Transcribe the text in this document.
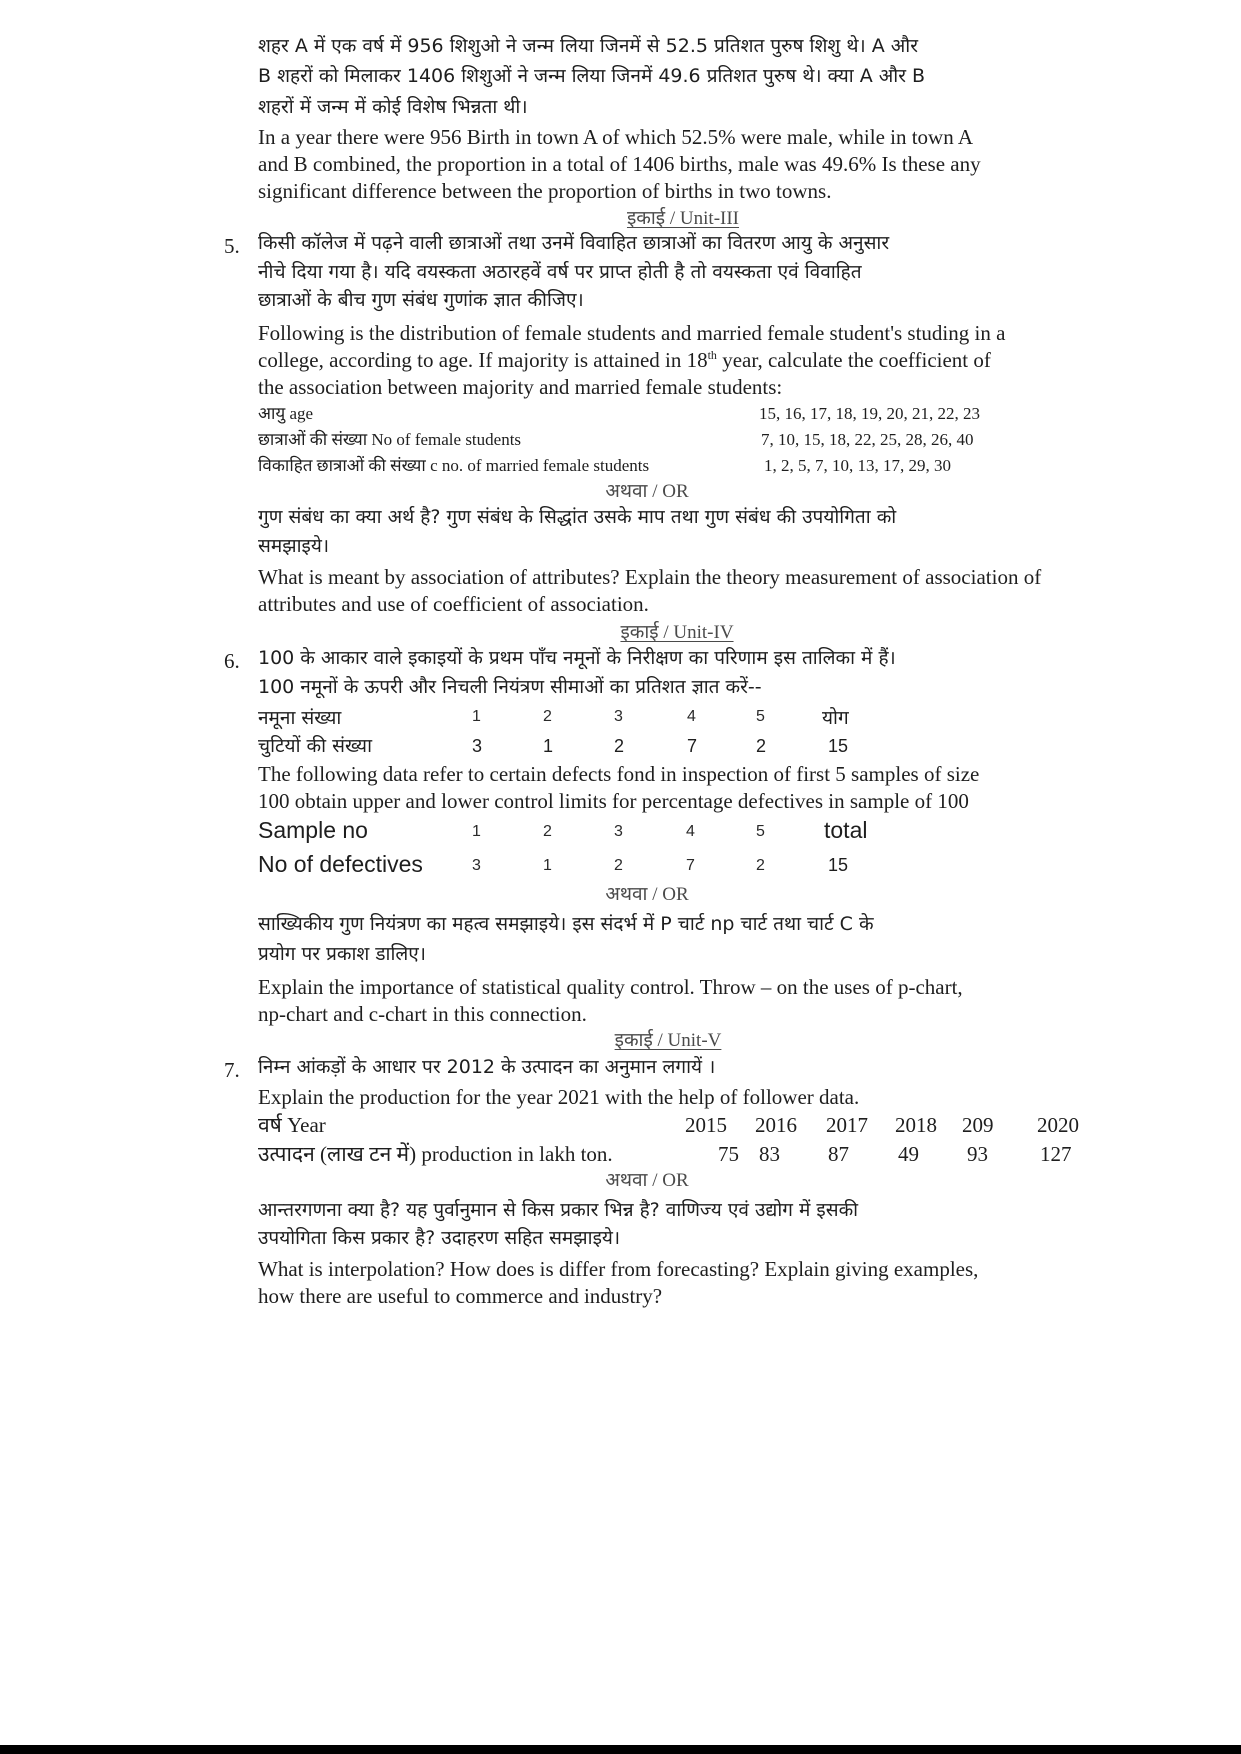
शहर A में एक वर्ष में 956 शिशुओ ने जन्म लिया जिनमें से 52.5 प्रतिशत पुरुष शिशु थे। A और
B शहरों को मिलाकर 1406 शिशुओं ने जन्म लिया जिनमें 49.6 प्रतिशत पुरुष थे। क्या A और B
शहरों में जन्म में कोई विशेष भिन्नता थी।
In a year there were 956 Birth in town A of which 52.5% were male, while in town A
and B combined, the proportion in a total of 1406 births, male was 49.6% Is these any
significant difference between the proportion of births in two towns.
इकाई / Unit-III
5. किसी कॉलेज में पढ़ने वाली छात्राओं तथा उनमें विवाहित छात्राओं का वितरण आयु के अनुसार
नीचे दिया गया है। यदि वयस्कता अठारहवें वर्ष पर प्राप्त होती है तो वयस्कता एवं विवाहित
छात्राओं के बीच गुण संबंध गुणांक ज्ञात कीजिए।
Following is the distribution of female students and married female student's studing in a
college, according to age. If majority is attained in 18th year, calculate the coefficient of
the association between majority and married female students:
आयु age	15, 16, 17, 18, 19, 20, 21, 22, 23
छात्राओं की संख्या No of female students	7, 10, 15, 18, 22, 25, 28, 26, 40
विकाहित छात्राओं की संख्या c no. of married female students	1, 2, 5, 7, 10, 13, 17, 29, 30
अथवा / OR
गुण संबंध का क्या अर्थ है? गुण संबंध के सिद्धांत उसके माप तथा गुण संबंध की उपयोगिता को
समझाइये।
What is meant by association of attributes? Explain the theory measurement of association of
attributes and use of coefficient of association.
इकाई / Unit-IV
6. 100 के आकार वाले इकाइयों के प्रथम पाँच नमूनों के निरीक्षण का परिणाम इस तालिका में हैं।
100 नमूनों के ऊपरी और निचली नियंत्रण सीमाओं का प्रतिशत ज्ञात करें--
नमूना संख्या	1	2	3	4	5	योग
चुटियों की संख्या	3	1	2	7	2	15
The following data refer to certain defects fond in inspection of first 5 samples of size
100 obtain upper and lower control limits for percentage defectives in sample of 100
Sample no	1	2	3	4	5	total
No of defectives	3	1	2	7	2	15
अथवा / OR
साख्यिकीय गुण नियंत्रण का महत्व समझाइये। इस संदर्भ में P चार्ट np चार्ट तथा चार्ट C के
प्रयोग पर प्रकाश डालिए।
Explain the importance of statistical quality control. Throw – on the uses of p-chart,
np-chart and c-chart in this connection.
इकाई / Unit-V
7. निम्न आंकड़ों के आधार पर 2012 के उत्पादन का अनुमान लगायें ।
Explain the production for the year 2021 with the help of follower data.
वर्ष Year	2015 2016 2017 2018 209 2020
उत्पादन (लाख टन में) production in lakh ton.	75 83 87 49 93 127
अथवा / OR
आन्तरगणना क्या है? यह पुर्वानुमान से किस प्रकार भिन्न है? वाणिज्य एवं उद्योग में इसकी
उपयोगिता किस प्रकार है? उदाहरण सहित समझाइये।
What is interpolation? How does is differ from forecasting? Explain giving examples,
how there are useful to commerce and industry?
